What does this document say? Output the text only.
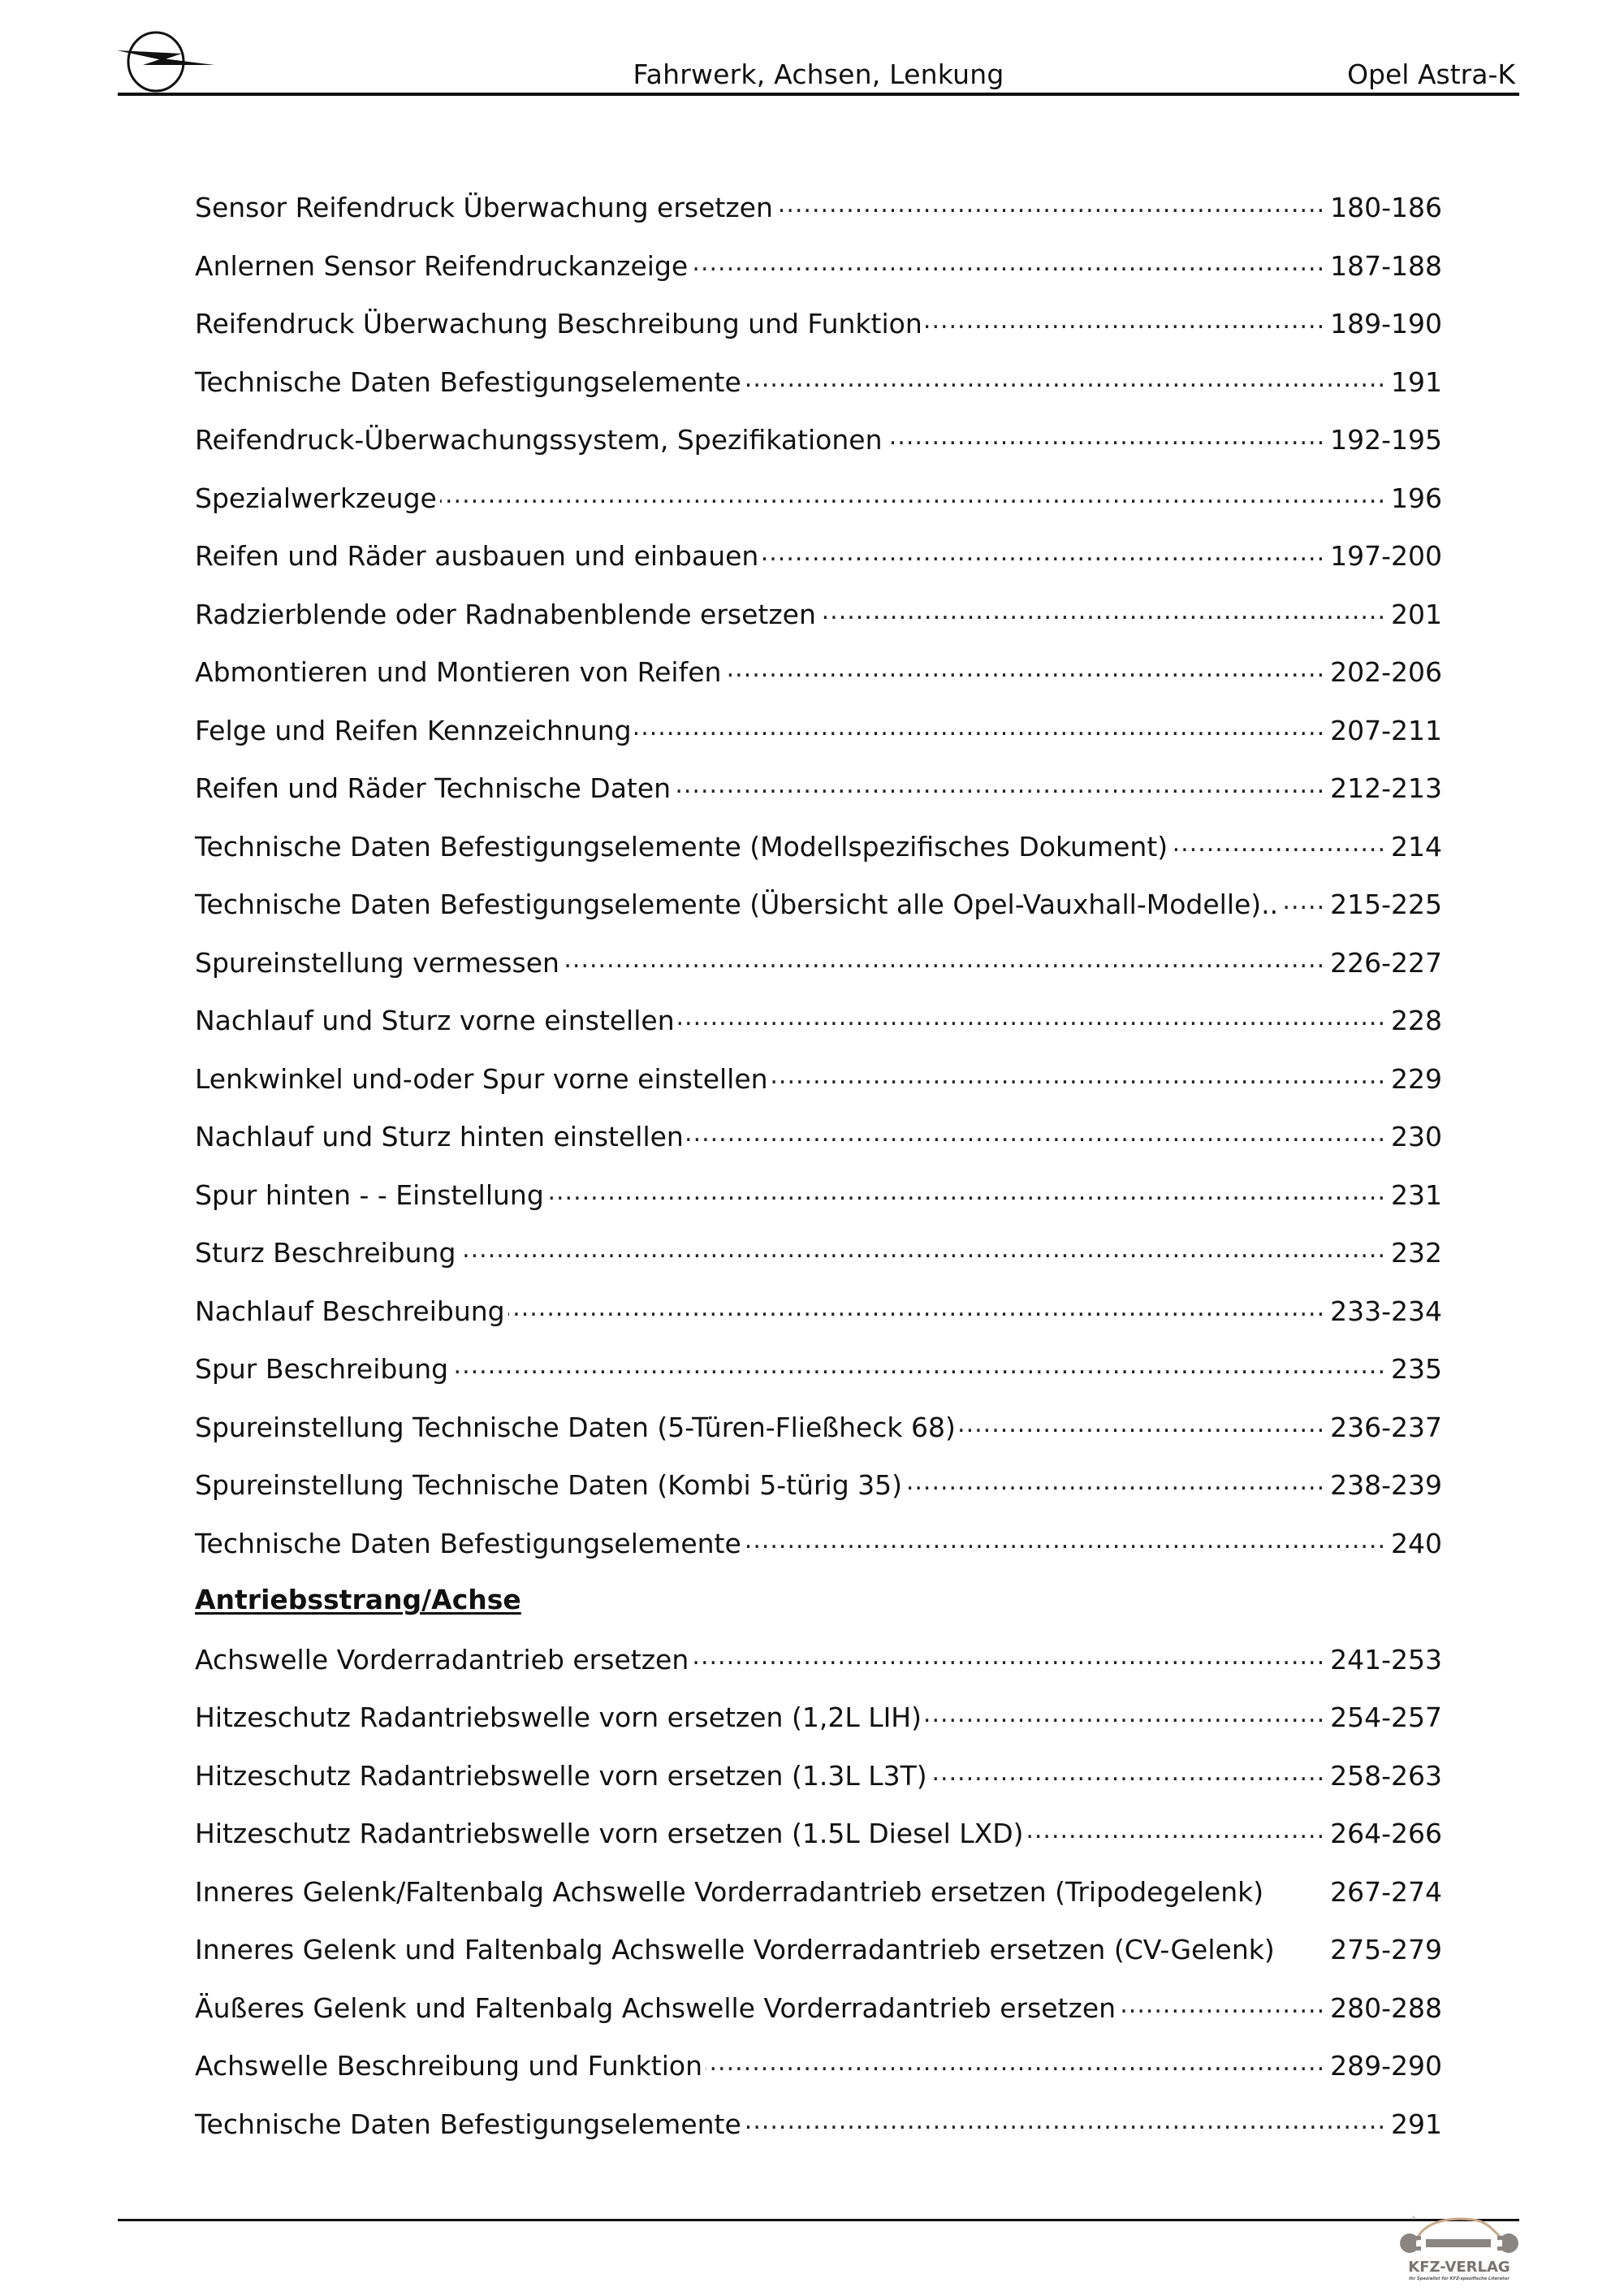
Fahrwerk, Achsen, Lenkung	Opel Astra-K
Sensor Reifendruck Überwachung ersetzen .....	180-186
Anlernen Sensor Reifendruckanzeige .....	187-188
Reifendruck Überwachung Beschreibung und Funktion .....	189-190
Technische Daten Befestigungselemente .....	191
Reifendruck-Überwachungssystem, Spezifikationen .....	192-195
Spezialwerkzeuge .....	196
Reifen und Räder ausbauen und einbauen .....	197-200
Radzierblende oder Radnabenblende ersetzen .....	201
Abmontieren und Montieren von Reifen .....	202-206
Felge und Reifen Kennzeichnung .....	207-211
Reifen und Räder Technische Daten .....	212-213
Technische Daten Befestigungselemente (Modellspezifisches Dokument) .....	214
Technische Daten Befestigungselemente (Übersicht alle Opel-Vauxhall-Modelle).. ..... 215-225
Spureinstellung vermessen .....	226-227
Nachlauf und Sturz vorne einstellen .....	228
Lenkwinkel und-oder Spur vorne einstellen .....	229
Nachlauf und Sturz hinten einstellen .....	230
Spur hinten - - Einstellung .....	231
Sturz Beschreibung .....	232
Nachlauf Beschreibung .....	233-234
Spur Beschreibung .....	235
Spureinstellung Technische Daten (5-Türen-Fließheck 68) .....	236-237
Spureinstellung Technische Daten (Kombi 5-türig 35) .....	238-239
Technische Daten Befestigungselemente .....	240
Antriebsstrang/Achse
Achswelle Vorderradantrieb ersetzen .....	241-253
Hitzeschutz Radantriebswelle vorn ersetzen (1,2L LIH) .....	254-257
Hitzeschutz Radantriebswelle vorn ersetzen (1.3L L3T) .....	258-263
Hitzeschutz Radantriebswelle vorn ersetzen (1.5L Diesel LXD) .....	264-266
Inneres Gelenk/Faltenbalg Achswelle Vorderradantrieb ersetzen (Tripodegelenk) 267-274
Inneres Gelenk und Faltenbalg Achswelle Vorderradantrieb ersetzen (CV-Gelenk) 275-279
Äußeres Gelenk und Faltenbalg Achswelle Vorderradantrieb ersetzen .....	280-288
Achswelle Beschreibung und Funktion .....	289-290
Technische Daten Befestigungselemente .....	291
®
KFZ-VERLAG
Ihr Spezialist für KFZ-spezifische Literatur
